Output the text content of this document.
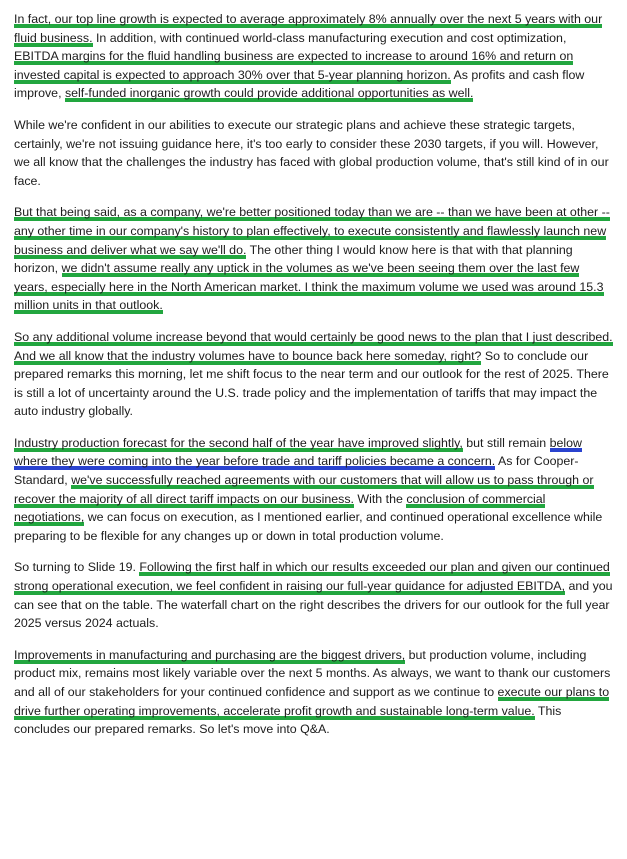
In fact, our top line growth is expected to average approximately 8% annually over the next 5 years with our fluid business. In addition, with continued world-class manufacturing execution and cost optimization, EBITDA margins for the fluid handling business are expected to increase to around 16% and return on invested capital is expected to approach 30% over that 5-year planning horizon. As profits and cash flow improve, self-funded inorganic growth could provide additional opportunities as well.

While we're confident in our abilities to execute our strategic plans and achieve these strategic targets, certainly, we're not issuing guidance here, it's too early to consider these 2030 targets, if you will. However, we all know that the challenges the industry has faced with global production volume, that's still kind of in our face.

But that being said, as a company, we're better positioned today than we are -- than we have been at other -- any other time in our company's history to plan effectively, to execute consistently and flawlessly launch new business and deliver what we say we'll do. The other thing I would know here is that with that planning horizon, we didn't assume really any uptick in the volumes as we've been seeing them over the last few years, especially here in the North American market. I think the maximum volume we used was around 15.3 million units in that outlook.

So any additional volume increase beyond that would certainly be good news to the plan that I just described. And we all know that the industry volumes have to bounce back here someday, right? So to conclude our prepared remarks this morning, let me shift focus to the near term and our outlook for the rest of 2025. There is still a lot of uncertainty around the U.S. trade policy and the implementation of tariffs that may impact the auto industry globally.

Industry production forecast for the second half of the year have improved slightly, but still remain below where they were coming into the year before trade and tariff policies became a concern. As for Cooper-Standard, we've successfully reached agreements with our customers that will allow us to pass through or recover the majority of all direct tariff impacts on our business. With the conclusion of commercial negotiations, we can focus on execution, as I mentioned earlier, and continued operational excellence while preparing to be flexible for any changes up or down in total production volume.

So turning to Slide 19. Following the first half in which our results exceeded our plan and given our continued strong operational execution, we feel confident in raising our full-year guidance for adjusted EBITDA, and you can see that on the table. The waterfall chart on the right describes the drivers for our outlook for the full year 2025 versus 2024 actuals.

Improvements in manufacturing and purchasing are the biggest drivers, but production volume, including product mix, remains most likely variable over the next 5 months. As always, we want to thank our customers and all of our stakeholders for your continued confidence and support as we continue to execute our plans to drive further operating improvements, accelerate profit growth and sustainable long-term value. This concludes our prepared remarks. So let's move into Q&A.
